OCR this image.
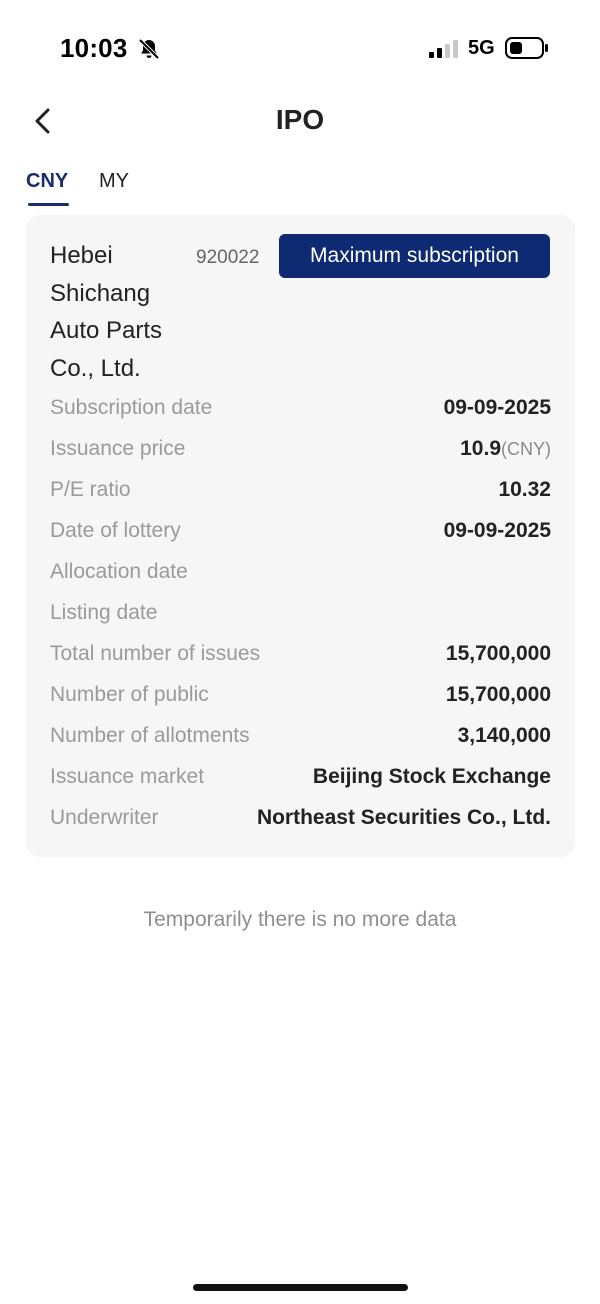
10:03	5G
IPO
CNY MY
Hebei Shichang Auto Parts Co., Ltd.
920022	Maximum subscription
Subscription date	09-09-2025
Issuance price	10.9(CNY)
P/E ratio	10.32
Date of lottery	09-09-2025
Allocation date
Listing date
Total number of issues	15,700,000
Number of public	15,700,000
Number of allotments	3,140,000
Issuance market	Beijing Stock Exchange
Underwriter	Northeast Securities Co., Ltd.
Temporarily there is no more data
